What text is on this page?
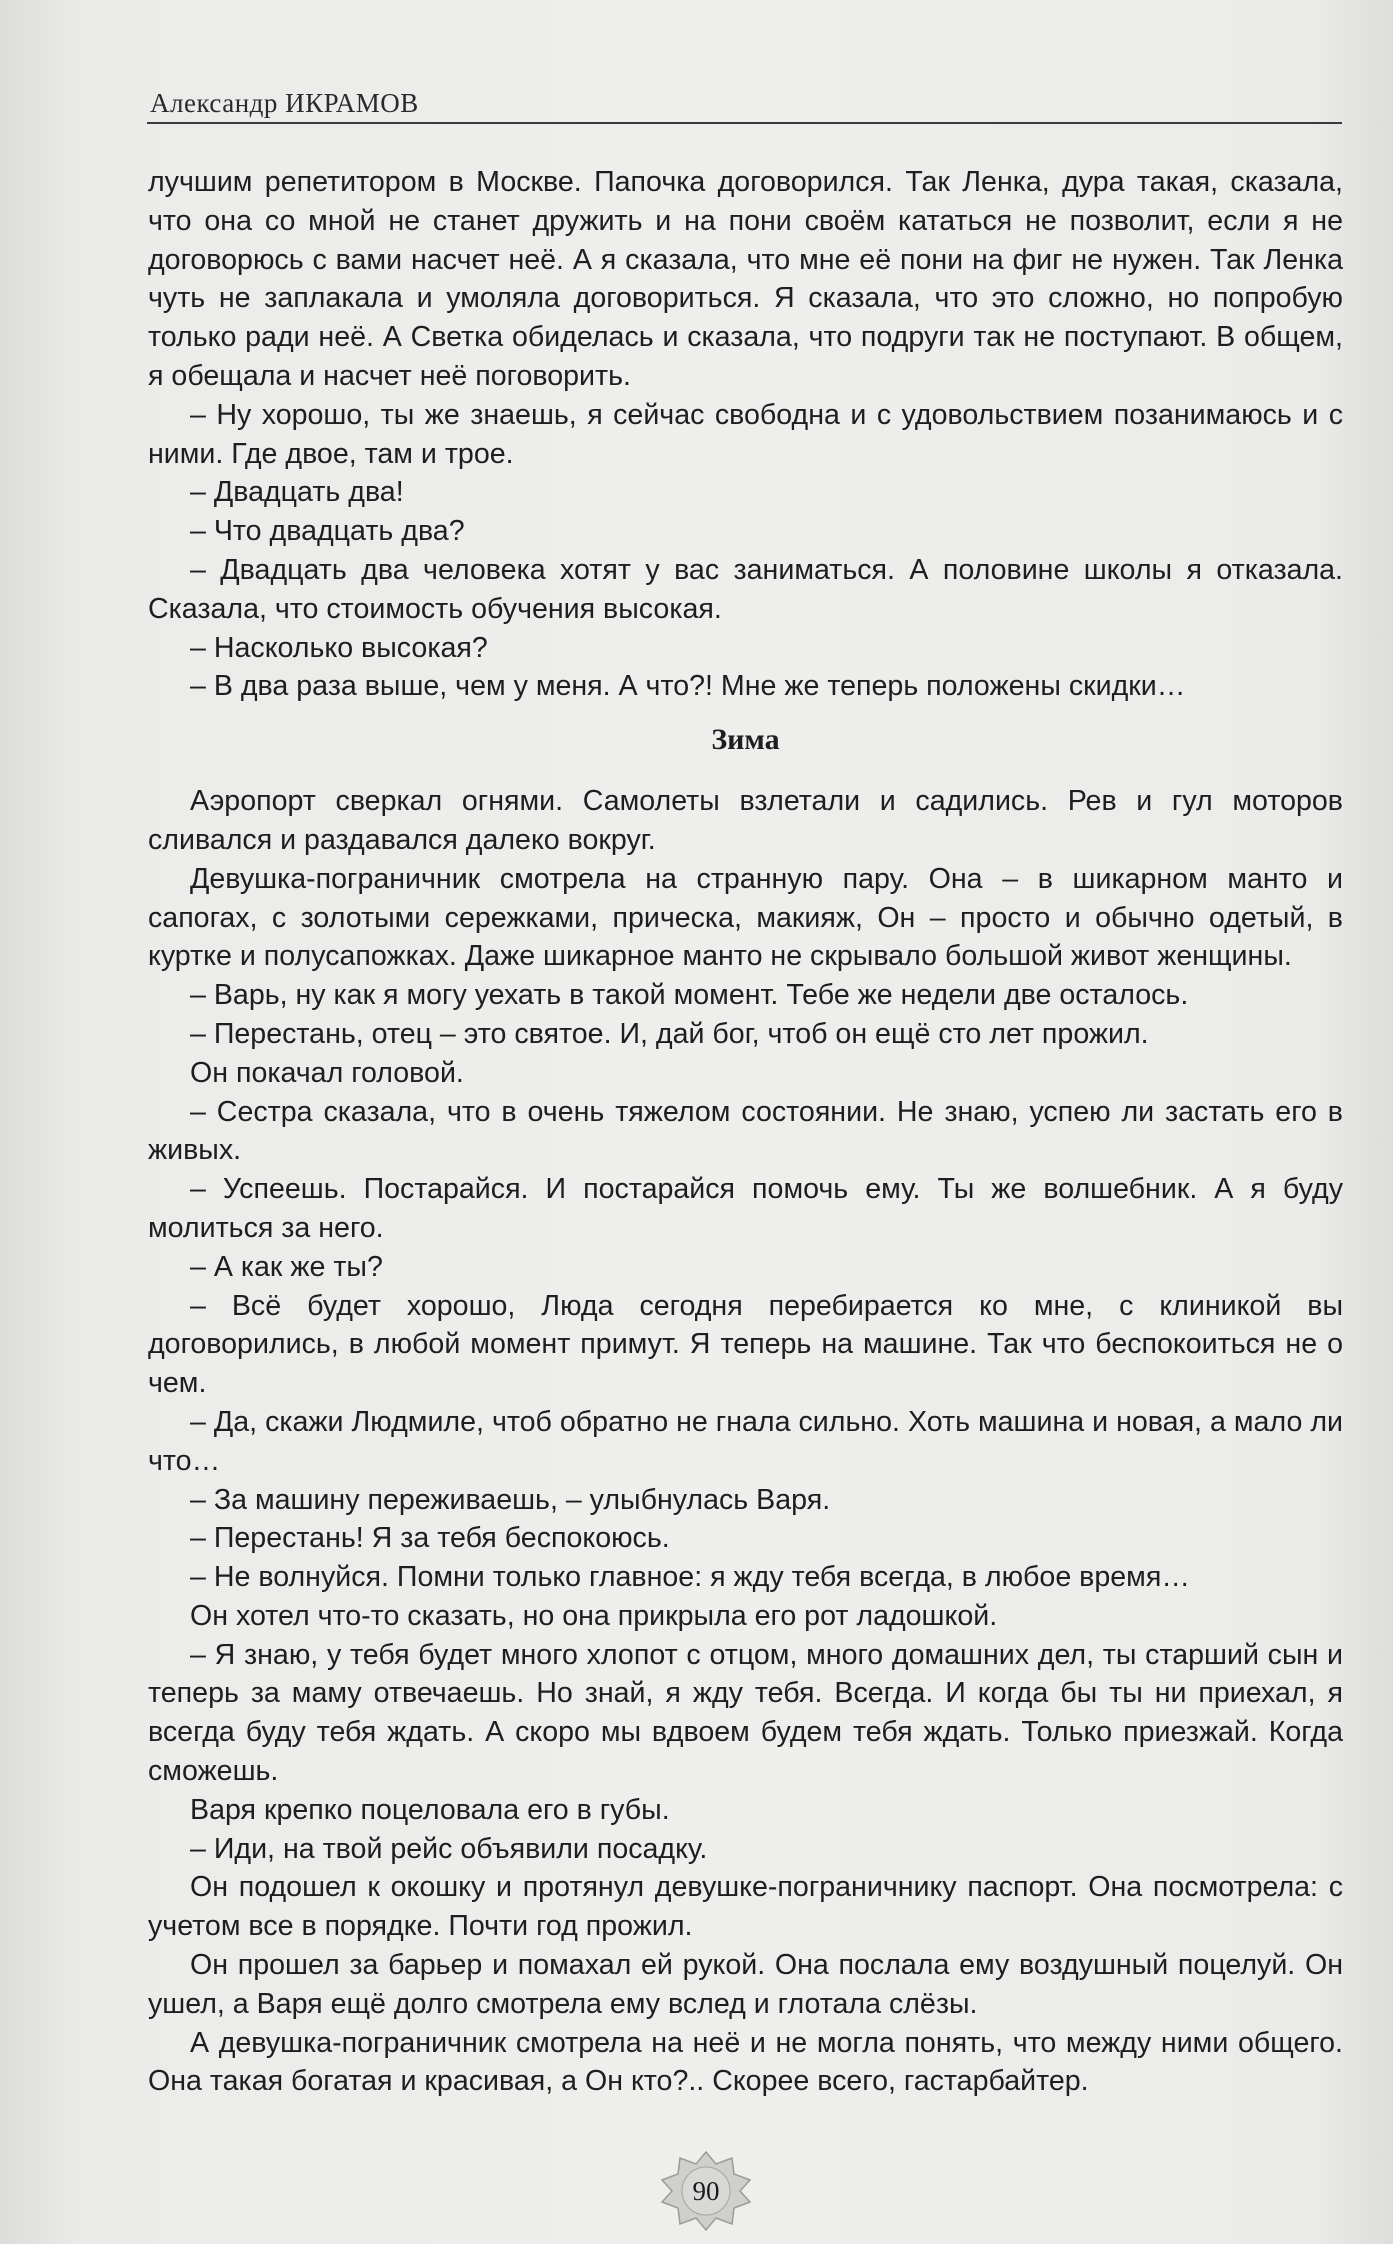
Александр ИКРАМОВ

лучшим репетитором в Москве. Папочка договорился. Так Ленка, дура такая, сказала, что она со мной не станет дружить и на пони своём кататься не позволит, если я не договорюсь с вами насчет неё. А я сказала, что мне её пони на фиг не нужен. Так Ленка чуть не заплакала и умоляла договориться. Я сказала, что это сложно, но попробую только ради неё. А Светка обиделась и сказала, что подруги так не поступают. В общем, я обещала и насчет неё поговорить.

– Ну хорошо, ты же знаешь, я сейчас свободна и с удовольствием позанимаюсь и с ними. Где двое, там и трое.

– Двадцать два!

– Что двадцать два?

– Двадцать два человека хотят у вас заниматься. А половине школы я отказала. Сказала, что стоимость обучения высокая.

– Насколько высокая?

– В два раза выше, чем у меня. А что?! Мне же теперь положены скидки…

Зима

Аэропорт сверкал огнями. Самолеты взлетали и садились. Рев и гул моторов сливался и раздавался далеко вокруг.

Девушка-пограничник смотрела на странную пару. Она – в шикарном манто и сапогах, с золотыми сережками, прическа, макияж, Он – просто и обычно одетый, в куртке и полусапожках. Даже шикарное манто не скрывало большой живот женщины.

– Варь, ну как я могу уехать в такой момент. Тебе же недели две осталось.

– Перестань, отец – это святое. И, дай бог, чтоб он ещё сто лет прожил.

Он покачал головой.

– Сестра сказала, что в очень тяжелом состоянии. Не знаю, успею ли застать его в живых.

– Успеешь. Постарайся. И постарайся помочь ему. Ты же волшебник. А я буду молиться за него.

– А как же ты?

– Всё будет хорошо, Люда сегодня перебирается ко мне, с клиникой вы договорились, в любой момент примут. Я теперь на машине. Так что беспокоиться не о чем.

– Да, скажи Людмиле, чтоб обратно не гнала сильно. Хоть машина и новая, а мало ли что…

– За машину переживаешь, – улыбнулась Варя.

– Перестань! Я за тебя беспокоюсь.

– Не волнуйся. Помни только главное: я жду тебя всегда, в любое время…

Он хотел что-то сказать, но она прикрыла его рот ладошкой.

– Я знаю, у тебя будет много хлопот с отцом, много домашних дел, ты старший сын и теперь за маму отвечаешь. Но знай, я жду тебя. Всегда. И когда бы ты ни приехал, я всегда буду тебя ждать. А скоро мы вдвоем будем тебя ждать. Только приезжай. Когда сможешь.

Варя крепко поцеловала его в губы.

– Иди, на твой рейс объявили посадку.

Он подошел к окошку и протянул девушке-пограничнику паспорт. Она посмотрела: с учетом все в порядке. Почти год прожил.

Он прошел за барьер и помахал ей рукой. Она послала ему воздушный поцелуй. Он ушел, а Варя ещё долго смотрела ему вслед и глотала слёзы.

А девушка-пограничник смотрела на неё и не могла понять, что между ними общего. Она такая богатая и красивая, а Он кто?.. Скорее всего, гастарбайтер.

90
